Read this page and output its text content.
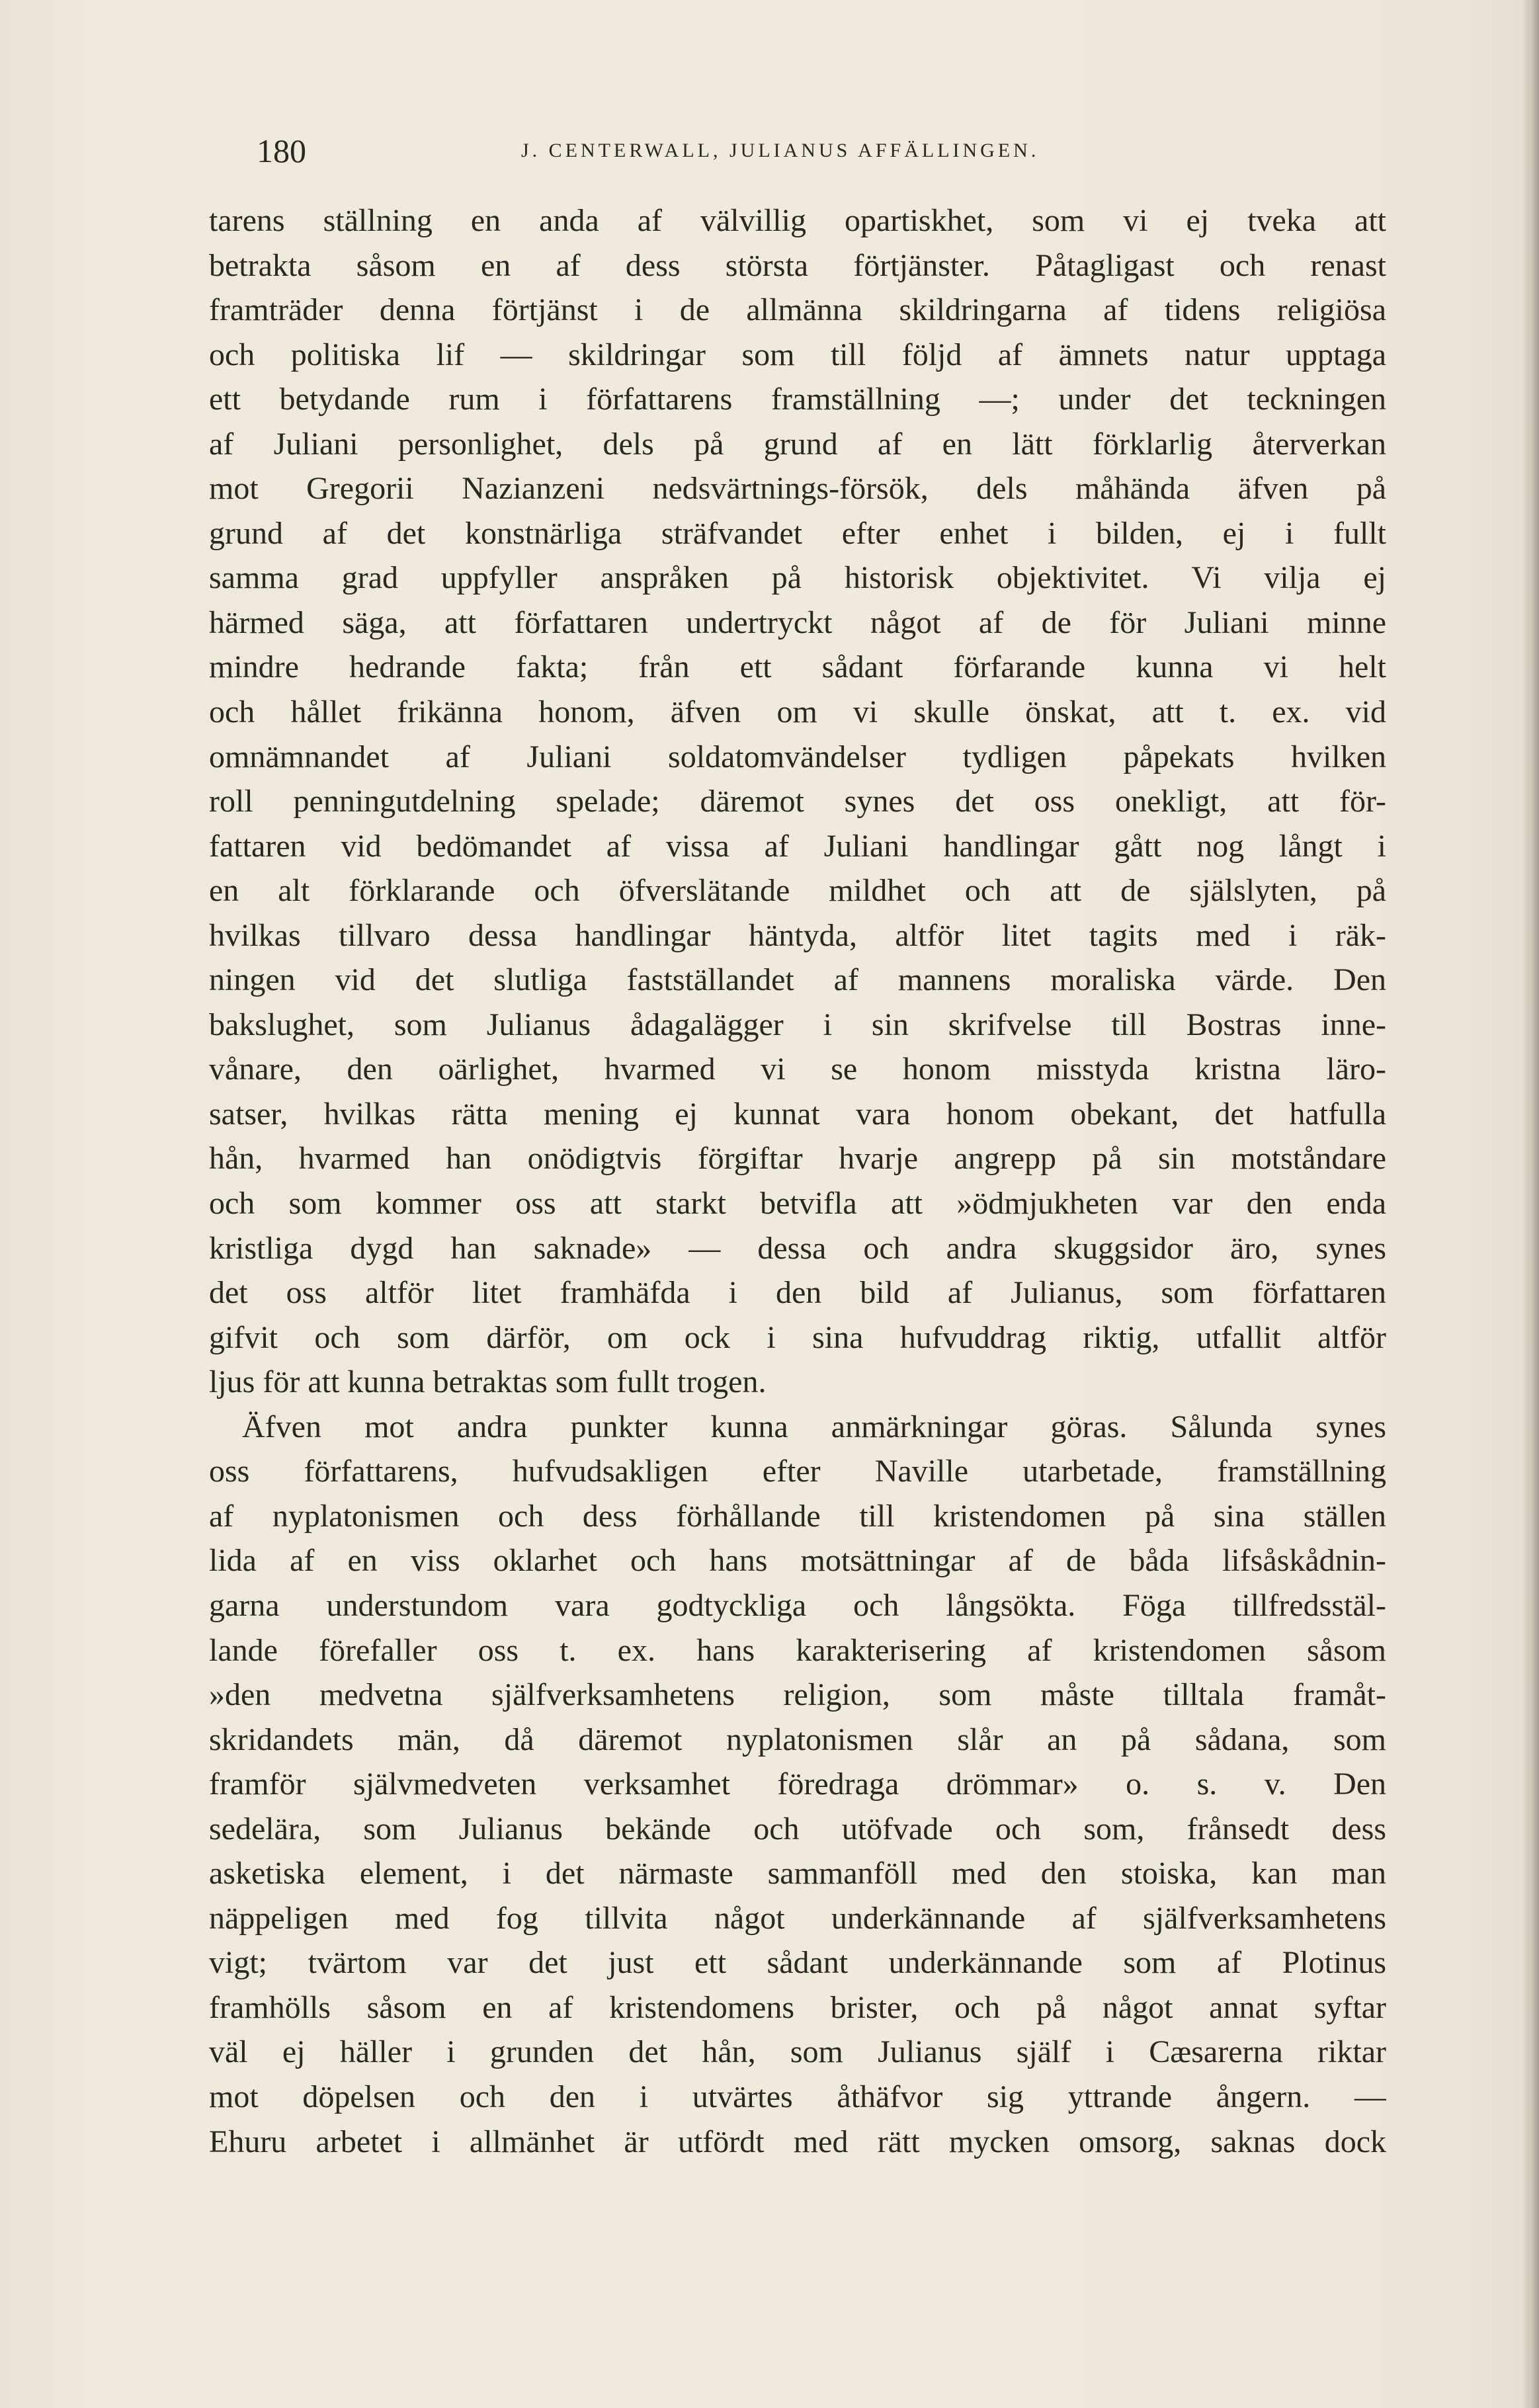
180	J. CENTERWALL, JULIANUS AFFÄLLINGEN.
tarens ställning en anda af välvillig opartiskhet, som vi ej tveka att
betrakta såsom en af dess största förtjänster. Påtagligast och renast
framträder denna förtjänst i de allmänna skildringarna af tidens religiösa
och politiska lif — skildringar som till följd af ämnets natur upptaga
ett betydande rum i författarens framställning —; under det teckningen
af Juliani personlighet, dels på grund af en lätt förklarlig återverkan
mot Gregorii Nazianzeni nedsvärtnings-försök, dels måhända äfven på
grund af det konstnärliga sträfvandet efter enhet i bilden, ej i fullt
samma grad uppfyller anspråken på historisk objektivitet. Vi vilja ej
härmed säga, att författaren undertryckt något af de för Juliani minne
mindre hedrande fakta; från ett sådant förfarande kunna vi helt
och hållet frikänna honom, äfven om vi skulle önskat, att t. ex. vid
omnämnandet af Juliani soldatomvändelser tydligen påpekats hvilken
roll penningutdelning spelade; däremot synes det oss onekligt, att för-
fattaren vid bedömandet af vissa af Juliani handlingar gått nog långt i
en alt förklarande och öfverslätande mildhet och att de själslyten, på
hvilkas tillvaro dessa handlingar häntyda, altför litet tagits med i räk-
ningen vid det slutliga fastställandet af mannens moraliska värde. Den
bakslughet, som Julianus ådagalägger i sin skrifvelse till Bostras inne-
vånare, den oärlighet, hvarmed vi se honom misstyda kristna läro-
satser, hvilkas rätta mening ej kunnat vara honom obekant, det hatfulla
hån, hvarmed han onödigtvis förgiftar hvarje angrepp på sin motståndare
och som kommer oss att starkt betvifla att »ödmjukheten var den enda
kristliga dygd han saknade» — dessa och andra skuggsidor äro, synes
det oss altför litet framhäfda i den bild af Julianus, som författaren
gifvit och som därför, om ock i sina hufvuddrag riktig, utfallit altför
ljus för att kunna betraktas som fullt trogen.
Äfven mot andra punkter kunna anmärkningar göras. Sålunda synes
oss författarens, hufvudsakligen efter Naville utarbetade, framställning
af nyplatonismen och dess förhållande till kristendomen på sina ställen
lida af en viss oklarhet och hans motsättningar af de båda lifsåskådnin-
garna understundom vara godtyckliga och långsökta. Föga tillfredsstäl-
lande förefaller oss t. ex. hans karakterisering af kristendomen såsom
»den medvetna själfverksamhetens religion, som måste tilltala framåt-
skridandets män, då däremot nyplatonismen slår an på sådana, som
framför självmedveten verksamhet föredraga drömmar» o. s. v. Den
sedelära, som Julianus bekände och utöfvade och som, frånsedt dess
asketiska element, i det närmaste sammanföll med den stoiska, kan man
näppeligen med fog tillvita något underkännande af själfverksamhetens
vigt; tvärtom var det just ett sådant underkännande som af Plotinus
framhölls såsom en af kristendomens brister, och på något annat syftar
väl ej häller i grunden det hån, som Julianus själf i Cæsarerna riktar
mot döpelsen och den i utvärtes åthäfvor sig yttrande ångern. —
Ehuru arbetet i allmänhet är utfördt med rätt mycken omsorg, saknas dock
